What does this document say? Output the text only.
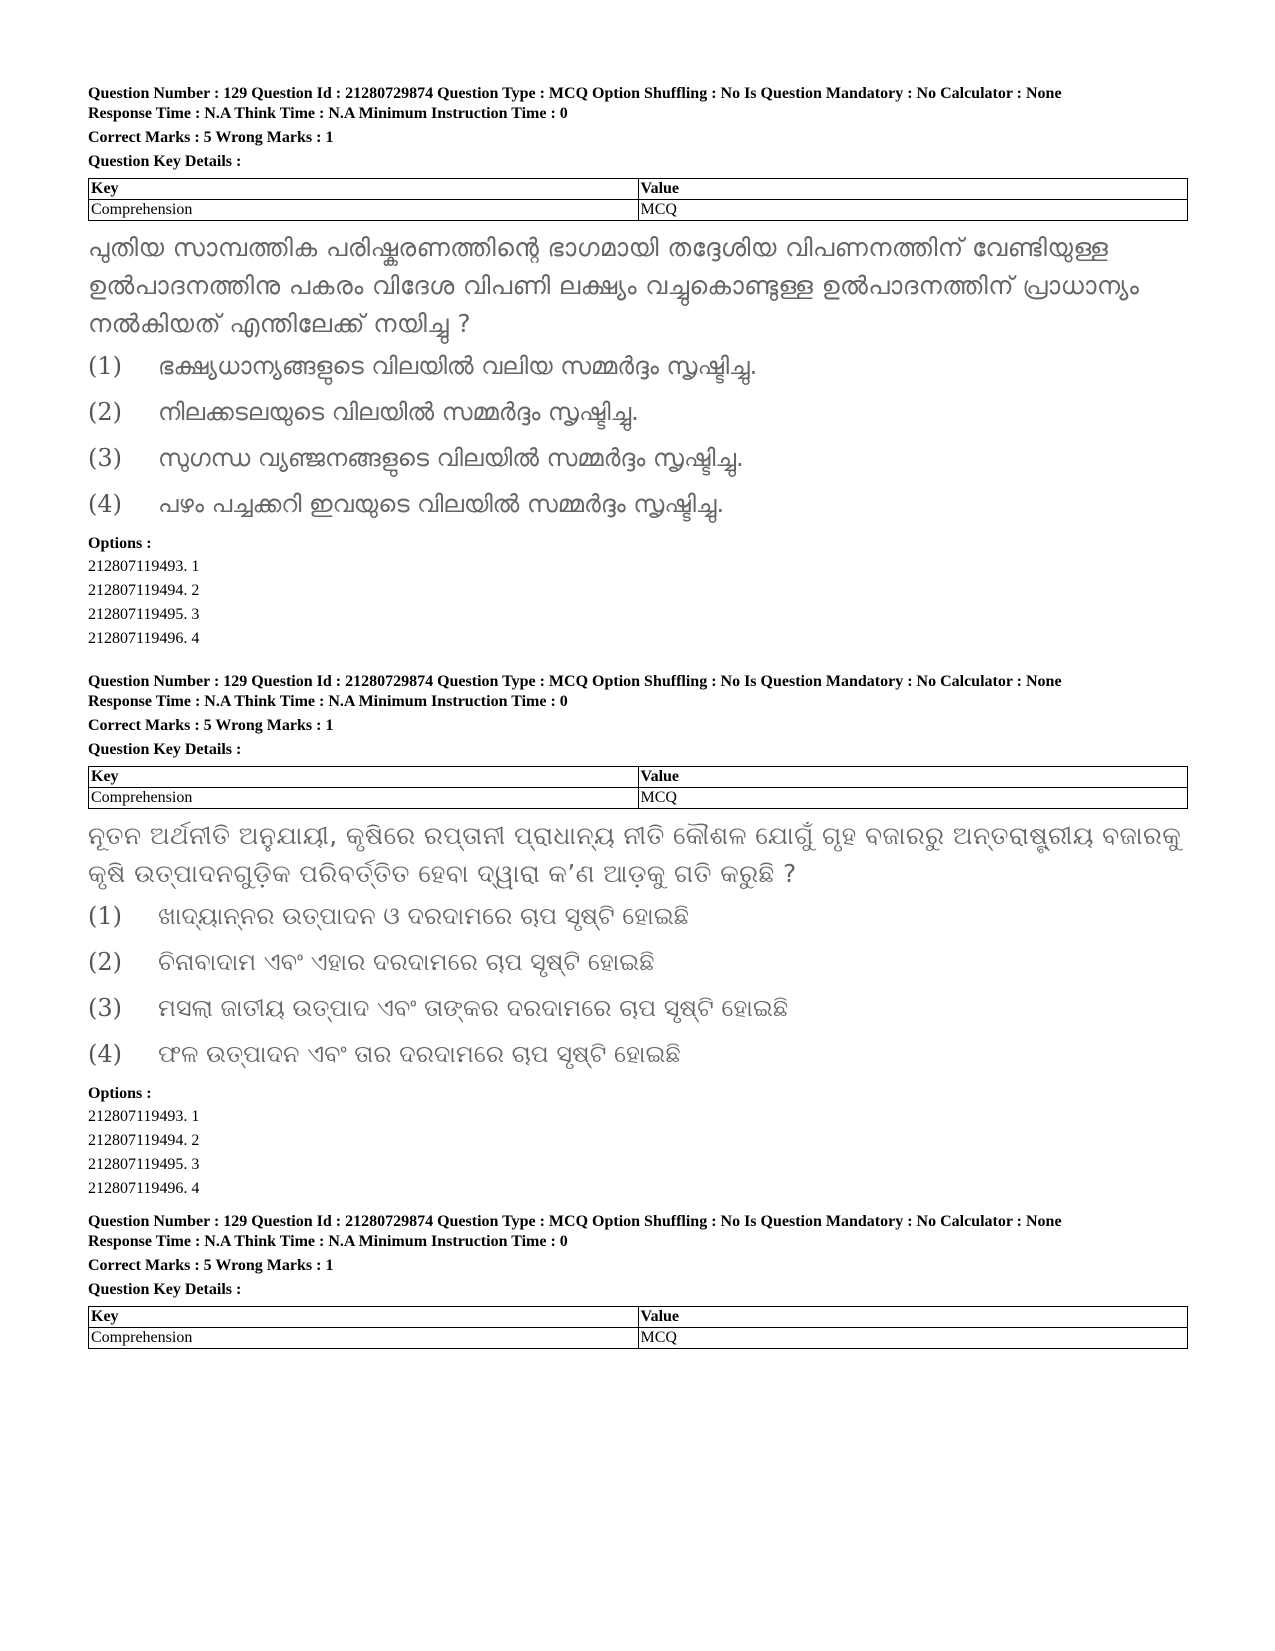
Question Number : 129 Question Id : 21280729874 Question Type : MCQ Option Shuffling : No Is Question Mandatory : No Calculator : None
Response Time : N.A Think Time : N.A Minimum Instruction Time : 0
Correct Marks : 5 Wrong Marks : 1
Question Key Details :
Key	Value
Comprehension	MCQ
പുതിയ സാമ്പത്തിക പരിഷ്കരണത്തിന്റെ ഭാഗമായി തദ്ദേശിയ വിപണനത്തിന് വേണ്ടിയുള്ള ഉൽപാദനത്തിനു പകരം വിദേശ വിപണി ലക്ഷ്യം വച്ചുകൊണ്ടുള്ള ഉൽപാദനത്തിന് പ്രാധാന്യം നൽകിയത് എന്തിലേക്ക് നയിച്ചു ?
(1)	ഭക്ഷ്യധാന്യങ്ങളുടെ വിലയിൽ വലിയ സമ്മർദ്ദം സൃഷ്ടിച്ചു.
(2)	നിലക്കടലയുടെ വിലയിൽ സമ്മർദ്ദം സൃഷ്ടിച്ചു.
(3)	സുഗന്ധ വ്യഞ്ജനങ്ങളുടെ വിലയിൽ സമ്മർദ്ദം സൃഷ്ടിച്ചു.
(4)	പഴം പച്ചക്കറി ഇവയുടെ വിലയിൽ സമ്മർദ്ദം സൃഷ്ടിച്ചു.
Options :
212807119493. 1
212807119494. 2
212807119495. 3
212807119496. 4
Question Number : 129 Question Id : 21280729874 Question Type : MCQ Option Shuffling : No Is Question Mandatory : No Calculator : None
Response Time : N.A Think Time : N.A Minimum Instruction Time : 0
Correct Marks : 5 Wrong Marks : 1
Question Key Details :
Key	Value
Comprehension	MCQ
ନୂତନ ଅର୍ଥନୀତି ଅନୁଯାୟୀ, କୃଷିରେ ରପ୍ତାନୀ ପ୍ରାଧାନ୍ୟ ନୀତି କୌଶଳ ଯୋଗୁଁ ଗୃହ ବଜାରରୁ ଅନ୍ତରାଷ୍ଟ୍ରୀୟ ବଜାରକୁ କୃଷି ଉତ୍ପାଦନଗୁଡ଼ିକ ପରିବର୍ତ୍ତିତ ହେବା ଦ୍ୱାରା କ’ଣ ଆଡ଼କୁ ଗତି କରୁଛି ?
(1)	ଖାଦ୍ୟାନ୍ନର ଉତ୍ପାଦନ ଓ ଦରଦାମରେ ଚାପ ସୃଷ୍ଟି ହୋଇଛି
(2)	ଚିନାବାଦାମ ଏବଂ ଏହାର ଦରଦାମରେ ଚାପ ସୃଷ୍ଟି ହୋଇଛି
(3)	ମସଲା ଜାତୀୟ ଉତ୍ପାଦ ଏବଂ ତାଙ୍କର ଦରଦାମରେ ଚାପ ସୃଷ୍ଟି ହୋଇଛି
(4)	ଫଳ ଉତ୍ପାଦନ ଏବଂ ତାର ଦରଦାମରେ ଚାପ ସୃଷ୍ଟି ହୋଇଛି
Options :
212807119493. 1
212807119494. 2
212807119495. 3
212807119496. 4
Question Number : 129 Question Id : 21280729874 Question Type : MCQ Option Shuffling : No Is Question Mandatory : No Calculator : None
Response Time : N.A Think Time : N.A Minimum Instruction Time : 0
Correct Marks : 5 Wrong Marks : 1
Question Key Details :
Key	Value
Comprehension	MCQ
